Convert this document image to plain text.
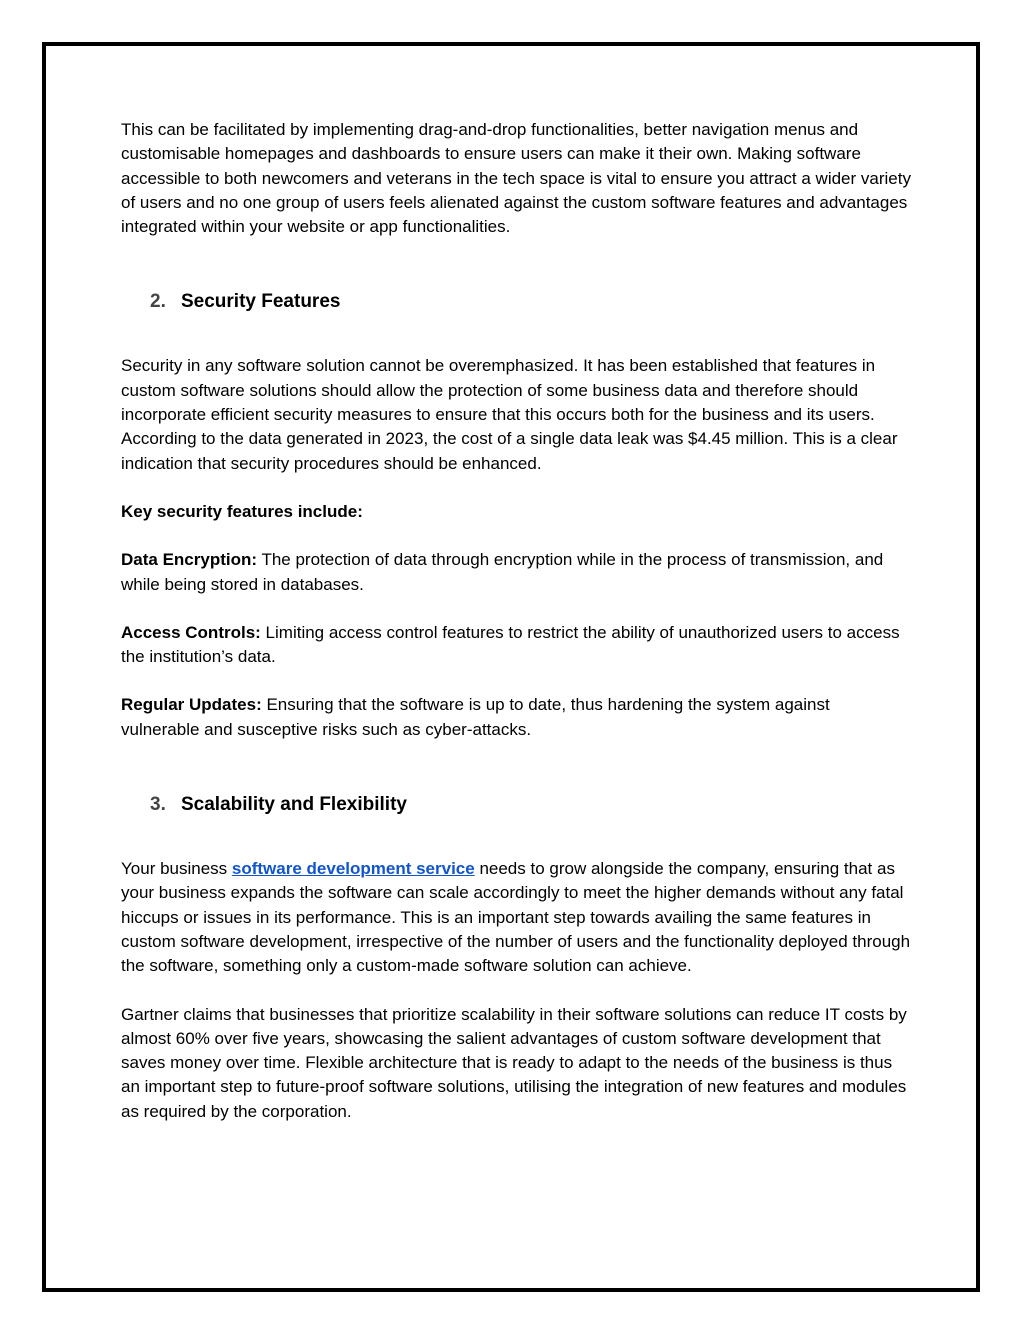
This can be facilitated by implementing drag-and-drop functionalities, better navigation menus and customisable homepages and dashboards to ensure users can make it their own. Making software accessible to both newcomers and veterans in the tech space is vital to ensure you attract a wider variety of users and no one group of users feels alienated against the custom software features and advantages integrated within your website or app functionalities.

2. Security Features

Security in any software solution cannot be overemphasized. It has been established that features in custom software solutions should allow the protection of some business data and therefore should incorporate efficient security measures to ensure that this occurs both for the business and its users. According to the data generated in 2023, the cost of a single data leak was $4.45 million. This is a clear indication that security procedures should be enhanced.

Key security features include:

Data Encryption: The protection of data through encryption while in the process of transmission, and while being stored in databases.

Access Controls: Limiting access control features to restrict the ability of unauthorized users to access the institution’s data.

Regular Updates: Ensuring that the software is up to date, thus hardening the system against vulnerable and susceptive risks such as cyber-attacks.

3. Scalability and Flexibility

Your business software development service needs to grow alongside the company, ensuring that as your business expands the software can scale accordingly to meet the higher demands without any fatal hiccups or issues in its performance. This is an important step towards availing the same features in custom software development, irrespective of the number of users and the functionality deployed through the software, something only a custom-made software solution can achieve.

Gartner claims that businesses that prioritize scalability in their software solutions can reduce IT costs by almost 60% over five years, showcasing the salient advantages of custom software development that saves money over time. Flexible architecture that is ready to adapt to the needs of the business is thus an important step to future-proof software solutions, utilising the integration of new features and modules as required by the corporation.
